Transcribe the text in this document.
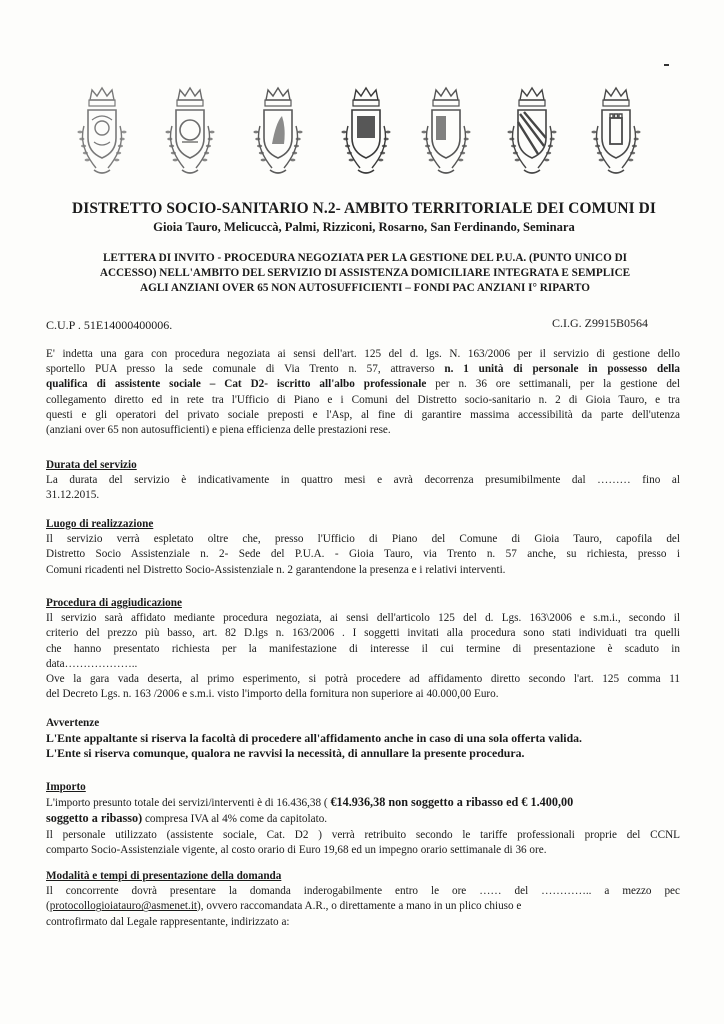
DISTRETTO SOCIO-SANITARIO N.2- AMBITO TERRITORIALE DEI COMUNI DI
Gioia Tauro, Melicuccà, Palmi, Rizziconi, Rosarno, San Ferdinando, Seminara
LETTERA DI INVITO - PROCEDURA NEGOZIATA PER LA GESTIONE DEL P.U.A. (PUNTO UNICO DI
ACCESSO) NELL'AMBITO DEL SERVIZIO DI ASSISTENZA DOMICILIARE INTEGRATA E SEMPLICE
AGLI ANZIANI OVER 65 NON AUTOSUFFICIENTI – FONDI PAC ANZIANI I° RIPARTO
C.U.P . 51E14000400006.	C.I.G. Z9915B0564
E' indetta una gara con procedura negoziata ai sensi dell'art. 125 del d. lgs. N. 163/2006 per il servizio di gestione dello
sportello PUA presso la sede comunale di Via Trento n. 57, attraverso n. 1 unità di personale in possesso della
qualifica di assistente sociale – Cat D2- iscritto all'albo professionale per n. 36 ore settimanali, per la gestione del
collegamento diretto ed in rete tra l'Ufficio di Piano e i Comuni del Distretto socio-sanitario n. 2 di Gioia Tauro, e tra
questi e gli operatori del privato sociale preposti e l'Asp, al fine di garantire massima accessibilità da parte dell'utenza
(anziani over 65 non autosufficienti) e piena efficienza delle prestazioni rese.
Durata del servizio
La durata del servizio è indicativamente in quattro mesi e avrà decorrenza presumibilmente dal ……… fino al
31.12.2015.
Luogo di realizzazione
Il servizio verrà espletato oltre che, presso l'Ufficio di Piano del Comune di Gioia Tauro, capofila del
Distretto Socio Assistenziale n. 2- Sede del P.U.A. - Gioia Tauro, via Trento n. 57 anche, su richiesta, presso i
Comuni ricadenti nel Distretto Socio-Assistenziale n. 2 garantendone la presenza e i relativi interventi.
Procedura di aggiudicazione
Il servizio sarà affidato mediante procedura negoziata, ai sensi dell'articolo 125 del d. Lgs. 163\2006 e s.m.i., secondo il
criterio del prezzo più basso, art. 82 D.lgs n. 163/2006 . I soggetti invitati alla procedura sono stati individuati tra quelli
che hanno presentato richiesta per la manifestazione di interesse il cui termine di presentazione è scaduto in
data………………..
Ove la gara vada deserta, al primo esperimento, si potrà procedere ad affidamento diretto secondo l'art. 125 comma 11
del Decreto Lgs. n. 163 /2006 e s.m.i. visto l'importo della fornitura non superiore ai 40.000,00 Euro.
Avvertenze
L'Ente appaltante si riserva la facoltà di procedere all'affidamento anche in caso di una sola offerta valida.
L'Ente si riserva comunque, qualora ne ravvisi la necessità, di annullare la presente procedura.
Importo
L'importo presunto totale dei servizi/interventi è di 16.436,38 ( €14.936,38 non soggetto a ribasso ed € 1.400,00
soggetto a ribasso) compresa IVA al 4% come da capitolato.
Il personale utilizzato (assistente sociale, Cat. D2 ) verrà retribuito secondo le tariffe professionali proprie del CCNL
comparto Socio-Assistenziale vigente, al costo orario di Euro 19,68 ed un impegno orario settimanale di 36 ore.
Modalità e tempi di presentazione della domanda
Il concorrente dovrà presentare la domanda inderogabilmente entro le ore …… del ………….. a mezzo pec
(protocollogioiatauro@asmenet.it), ovvero raccomandata A.R., o direttamente a mano in un plico chiuso e
controfirmato dal Legale rappresentante, indirizzato a:
